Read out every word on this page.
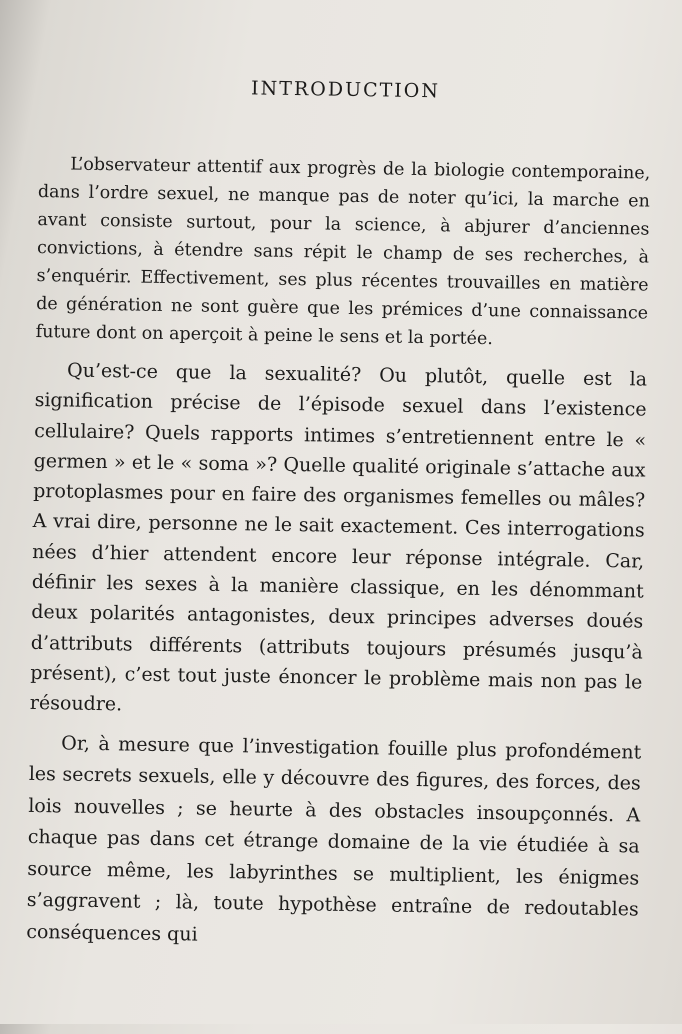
INTRODUCTION

L’observateur attentif aux progrès de la biologie contemporaine, dans l’ordre sexuel, ne manque pas de noter qu’ici, la marche en avant consiste surtout, pour la science, à abjurer d’anciennes convictions, à étendre sans répit le champ de ses recherches, à s’enquérir. Effectivement, ses plus récentes trouvailles en matière de génération ne sont guère que les prémices d’une connaissance future dont on aperçoit à peine le sens et la portée.

Qu’est-ce que la sexualité? Ou plutôt, quelle est la signification précise de l’épisode sexuel dans l’existence cellulaire? Quels rapports intimes s’entretiennent entre le « germen » et le « soma »? Quelle qualité originale s’attache aux protoplasmes pour en faire des organismes femelles ou mâles? A vrai dire, personne ne le sait exactement. Ces interrogations nées d’hier attendent encore leur réponse intégrale. Car, définir les sexes à la manière classique, en les dénommant deux polarités antagonistes, deux principes adverses doués d’attributs différents (attributs toujours présumés jusqu’à présent), c’est tout juste énoncer le problème mais non pas le résoudre.

Or, à mesure que l’investigation fouille plus profondément les secrets sexuels, elle y découvre des figures, des forces, des lois nouvelles ; se heurte à des obstacles insoupçonnés. A chaque pas dans cet étrange domaine de la vie étudiée à sa source même, les labyrinthes se multiplient, les énigmes s’aggravent ; là, toute hypothèse entraîne de redoutables conséquences qui
